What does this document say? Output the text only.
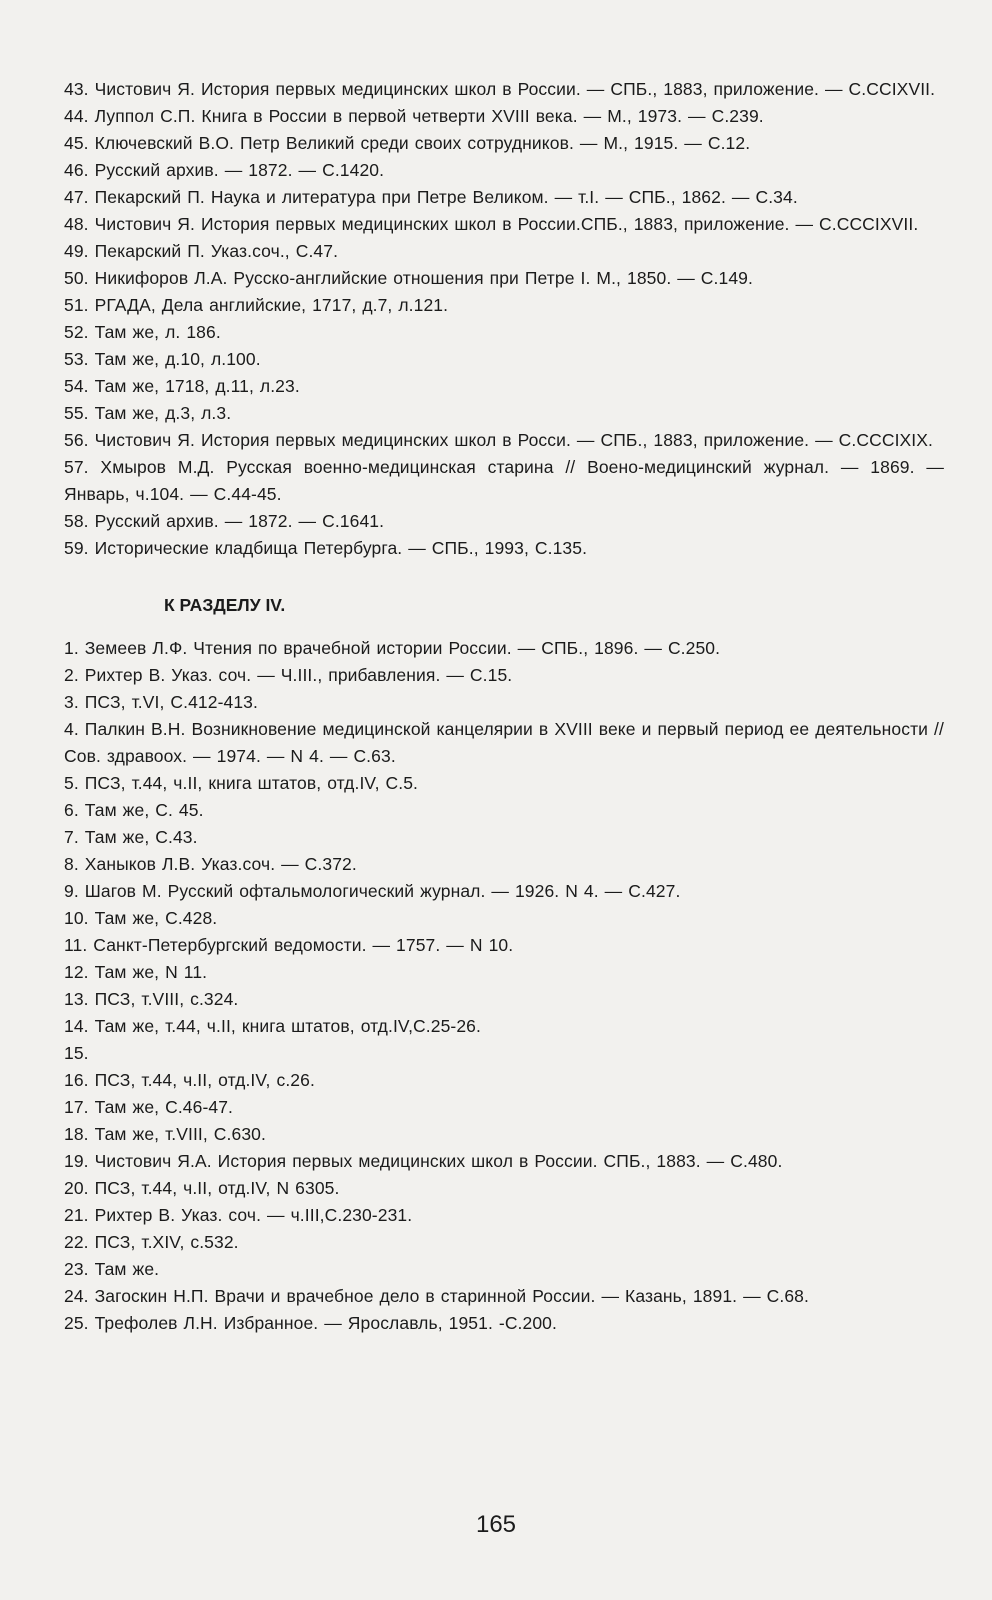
43. Чистович Я. История первых медицинских школ в России. — СПБ., 1883, приложение. — С.CCIXVII.
44. Луппол С.П. Книга в России в первой четверти XVIII века. — М., 1973. — С.239.
45. Ключевский В.О. Петр Великий среди своих сотрудников. — М., 1915. — С.12.
46. Русский архив. — 1872. — С.1420.
47. Пекарский П. Наука и литература при Петре Великом. — т.I. — СПБ., 1862. — С.34.
48. Чистович Я. История первых медицинских школ в России.СПБ., 1883, приложение. — С.CCCIXVII.
49. Пекарский П. Указ.соч., С.47.
50. Никифоров Л.А. Русско-английские отношения при Петре I. М., 1850. — С.149.
51. РГАДА, Дела английские, 1717, д.7, л.121.
52. Там же, л. 186.
53. Там же, д.10, л.100.
54. Там же, 1718, д.11, л.23.
55. Там же, д.3, л.3.
56. Чистович Я. История первых медицинских школ в Росси. — СПБ., 1883, приложение. — С.CCCIXIX.
57. Хмыров М.Д. Русская военно-медицинская старина // Воено-медицинский журнал. — 1869. — Январь, ч.104. — С.44-45.
58. Русский архив. — 1872. — С.1641.
59. Исторические кладбища Петербурга. — СПБ., 1993, С.135.
К РАЗДЕЛУ IV.
1. Земеев Л.Ф. Чтения по врачебной истории России. — СПБ., 1896. — С.250.
2. Рихтер В. Указ. соч. — Ч.III., прибавления. — С.15.
3. ПСЗ, т.VI, С.412-413.
4. Палкин В.Н. Возникновение медицинской канцелярии в XVIII веке и первый период ее деятельности //Сов. здравоох. — 1974. — N 4. — С.63.
5. ПСЗ, т.44, ч.II, книга штатов, отд.IV, С.5.
6. Там же, С. 45.
7. Там же, С.43.
8. Ханыков Л.В. Указ.соч. — С.372.
9. Шагов М. Русский офтальмологический журнал. — 1926. N 4. — С.427.
10. Там же, С.428.
11. Санкт-Петербургский ведомости. — 1757. — N 10.
12. Там же, N 11.
13. ПСЗ, т.VIII, с.324.
14. Там же, т.44, ч.II, книга штатов, отд.IV,С.25-26.
15.
16. ПСЗ, т.44, ч.II, отд.IV, с.26.
17. Там же, С.46-47.
18. Там же, т.VIII, С.630.
19. Чистович Я.А. История первых медицинских школ в России. СПБ., 1883. — С.480.
20. ПСЗ, т.44, ч.II, отд.IV, N 6305.
21. Рихтер В. Указ. соч. — ч.III,С.230-231.
22. ПСЗ, т.XIV, с.532.
23. Там же.
24. Загоскин Н.П. Врачи и врачебное дело в старинной России. — Казань, 1891. — С.68.
25. Трефолев Л.Н. Избранное. — Ярославль, 1951. -С.200.
165
